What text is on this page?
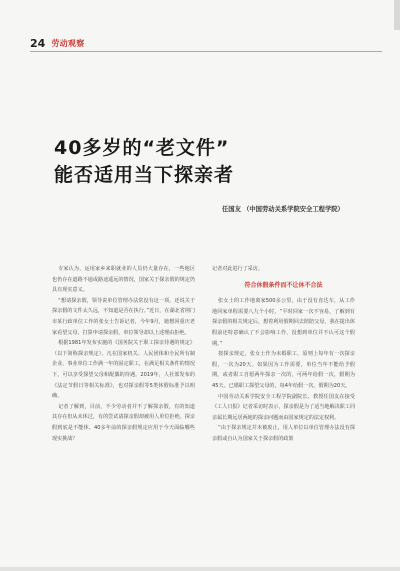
24 劳动观察
40多岁的“老文件”
能否适用当下探亲者
任国友 （中国劳动关系学院安全工程学院）

专家认为，运用家乡来职就业的人员仍大量存在，一些地区也仍存在道路不通或路途遥远的情况，国家关于探亲假的规定仍具有现实意义。

“想请探亲假，领导说单位管理办法常没有这一项，还说关于探亲假的文件太久远，不知道是否在执行。”近日，在湖北省荆门市某行政单位工作的张女士告诉记者，今年9月，她想回重庆老家看望父母，打算申请探亲假，单位领导却以上述理由拒绝。

根据1981年发布实施的《国务院关于职工探亲待遇的规定》（以下简称探亲规定），凡在国家机关、人民团体和全民所有制企业、事业单位工作满一年的固定职工，在满足相关条件的情况下，可以享受探望父母和配偶的待遇。2019年，人社部发布的《法定节假日等相关标准》，也对探亲假等5类休假标准予以明确。

记者了解到，目前，不少劳动者并不了解探亲假，有的知道其存在但从未休过，有的尝试请探亲假却被用人单位拒绝。探亲假到底是不能休、40多年前的探亲假规定应用于今天面临哪些现实挑战？

记者对此进行了采访。

符合休假条件而不让休不合法

张女士的工作地离家500多公里，由于没有直达车，从工作地回家单程需要八九个小时，“平时回家一次不容易，了解到有探亲假的相关规定后，想着利用假期回去陪陪父母，我在提出休假前还特意确认了不会影响工作，没想到单位并不认可这个假期。”

按探亲规定，张女士作为未婚职工，原则上每年有一次探亲假，一次为20天。如果因为工作需要，单位当年不能给予假期，或者职工自愿两年探亲一次的，可两年给假一次，假期为45天。已婚职工探望父母的，每4年给假一次，假期为20天。

中国劳动关系学院安全工程学院副院长、教授任国友在接受《工人日报》记者采访时表示，探亲假是为了适当地解决职工同亲属长期远居两地的探亲问题而由国家规定的法定权利。

“由于探亲规定并未被废止，用人单位以单位管理办法没有探亲假或自认为国家关于探亲假的政策
